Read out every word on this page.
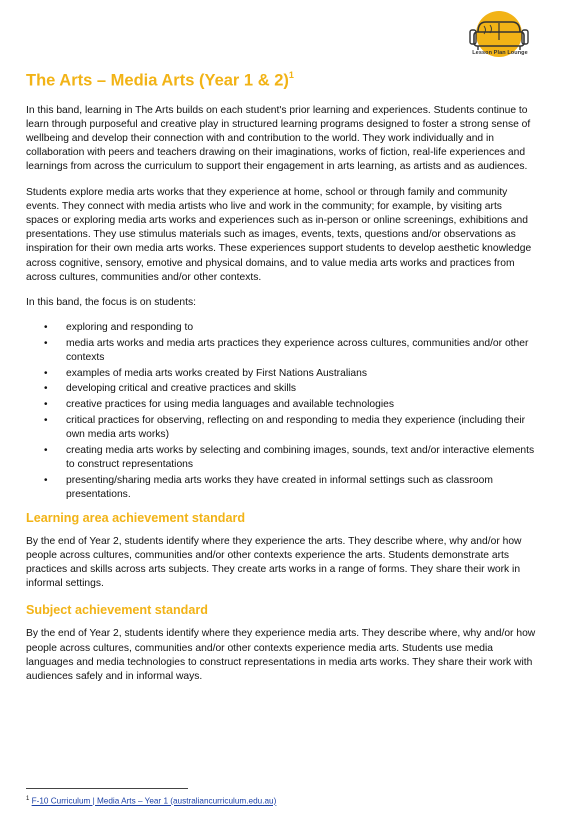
Lesson Plan Lounge
The Arts – Media Arts (Year 1 & 2)$^1$

In this band, learning in The Arts builds on each student's prior learning and experiences. Students continue to learn through purposeful and creative play in structured learning programs designed to foster a strong sense of wellbeing and develop their connection with and contribution to the world. They work individually and in collaboration with peers and teachers drawing on their imaginations, works of fiction, real-life experiences and learnings from across the curriculum to support their engagement in arts learning, as artists and as audiences.

Students explore media arts works that they experience at home, school or through family and community events. They connect with media artists who live and work in the community; for example, by visiting arts spaces or exploring media arts works and experiences such as in-person or online screenings, exhibitions and presentations. They use stimulus materials such as images, events, texts, questions and/or observations as inspiration for their own media arts works. These experiences support students to develop aesthetic knowledge across cognitive, sensory, emotive and physical domains, and to value media arts works and practices from across cultures, communities and/or other contexts.

In this band, the focus is on students:

• exploring and responding to
• media arts works and media arts practices they experience across cultures, communities and/or other contexts
• examples of media arts works created by First Nations Australians
• developing critical and creative practices and skills
• creative practices for using media languages and available technologies
• critical practices for observing, reflecting on and responding to media they experience (including their own media arts works)
• creating media arts works by selecting and combining images, sounds, text and/or interactive elements to construct representations
• presenting/sharing media arts works they have created in informal settings such as classroom presentations.
Learning area achievement standard

By the end of Year 2, students identify where they experience the arts. They describe where, why and/or how people across cultures, communities and/or other contexts experience the arts. Students demonstrate arts practices and skills across arts subjects. They create arts works in a range of forms. They share their work in informal settings.

Subject achievement standard

By the end of Year 2, students identify where they experience media arts. They describe where, why and/or how people across cultures, communities and/or other contexts experience media arts. Students use media languages and media technologies to construct representations in media arts works. They share their work with audiences safely and in informal ways.

$^1$ F-10 Curriculum | Media Arts – Year 1 (australiancurriculum.edu.au)
